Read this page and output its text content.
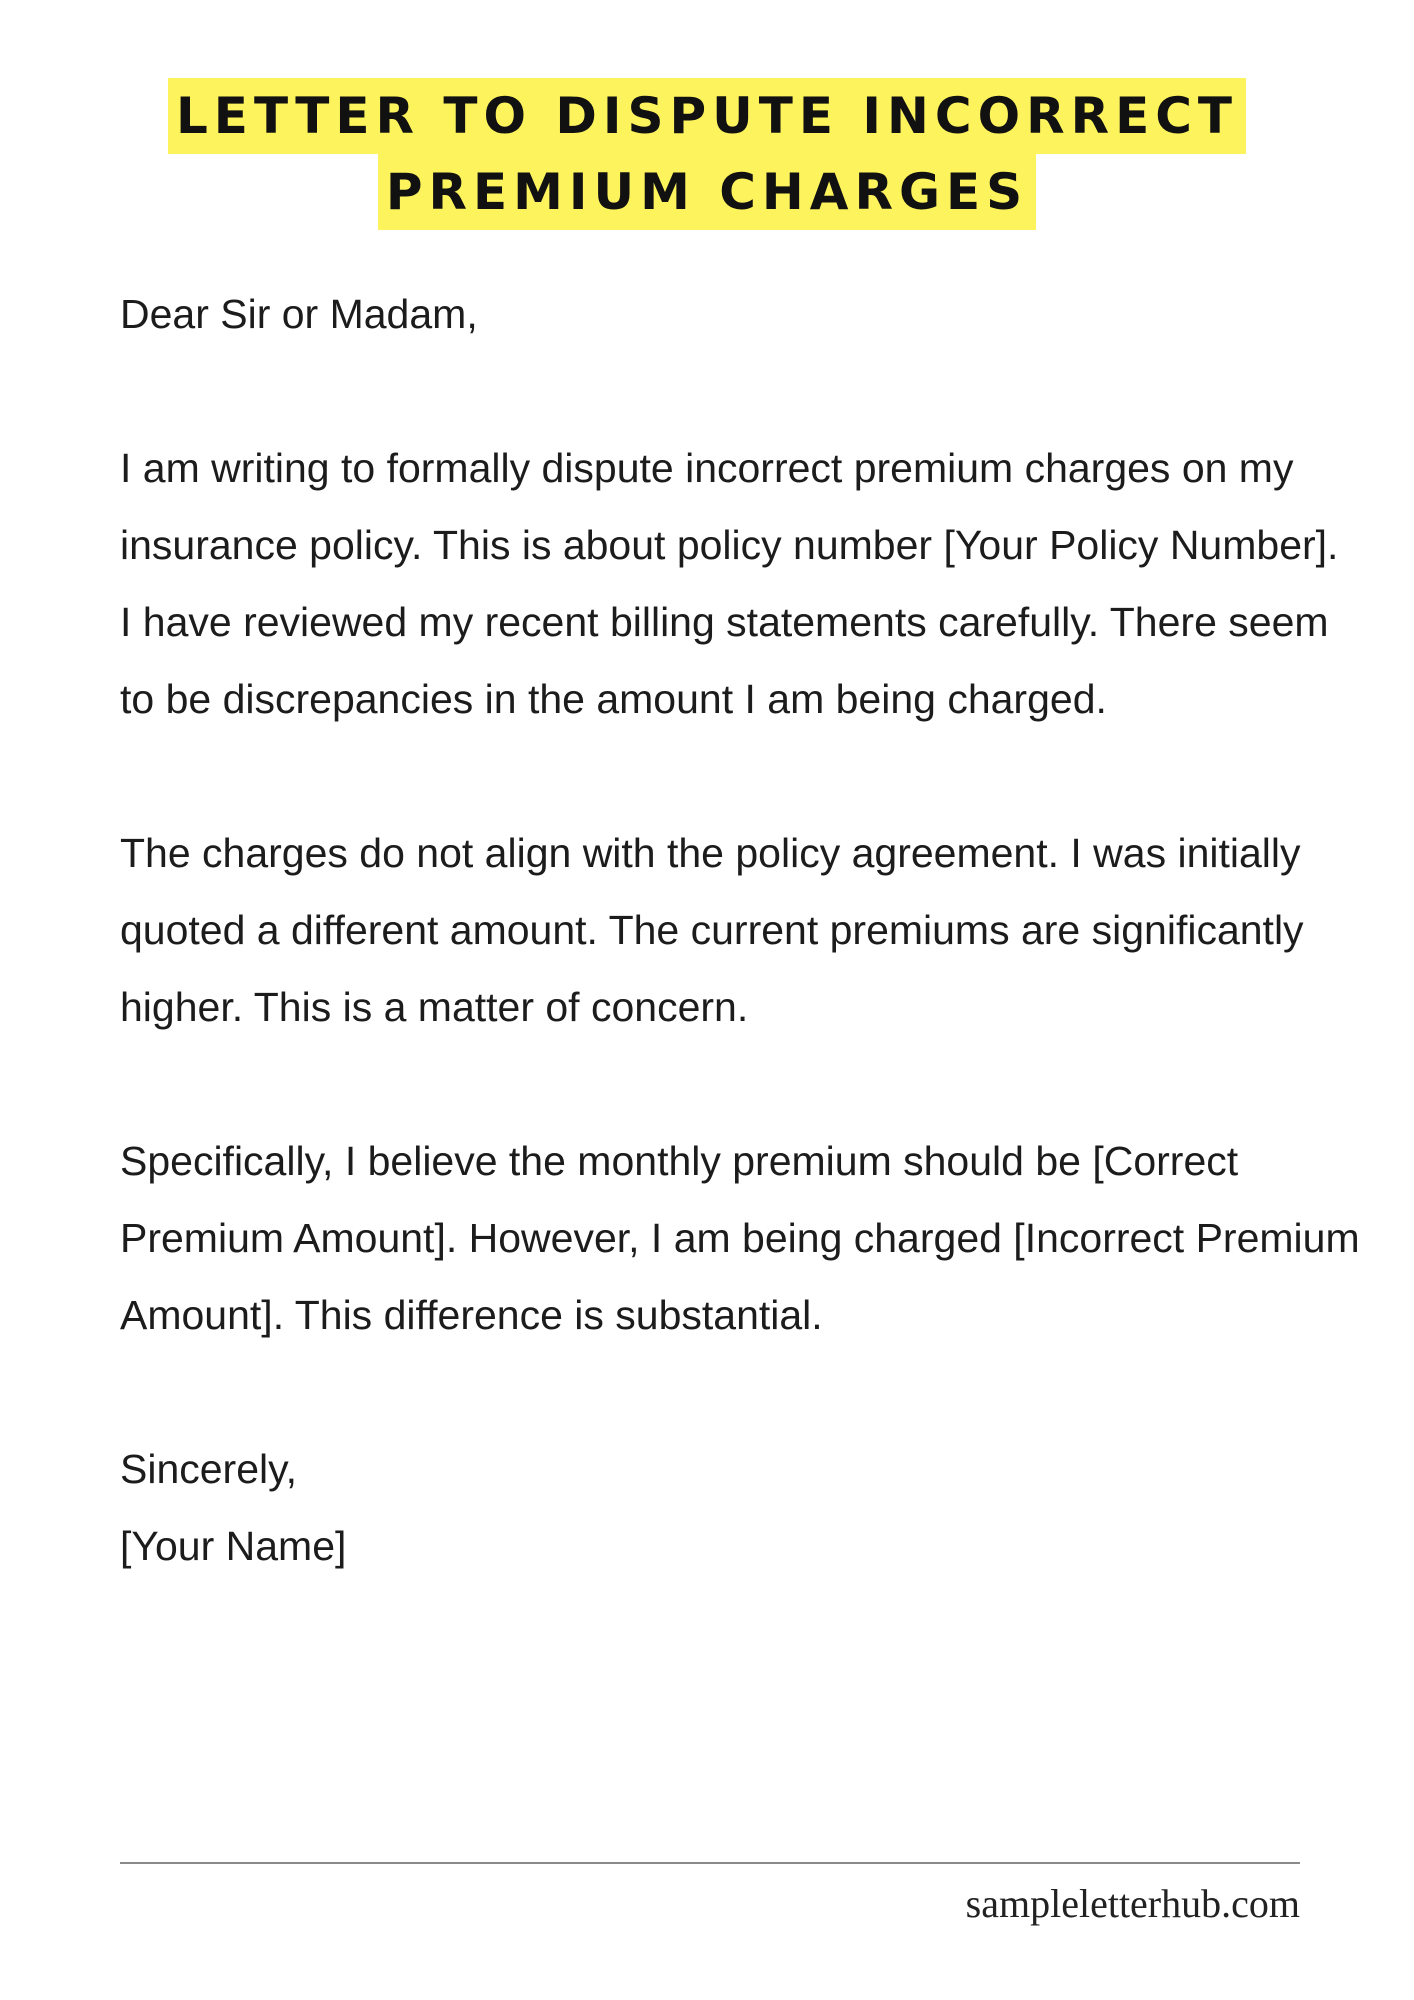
LETTER TO DISPUTE INCORRECT
PREMIUM CHARGES

Dear Sir or Madam,

I am writing to formally dispute incorrect premium charges on my insurance policy. This is about policy number [Your Policy Number]. I have reviewed my recent billing statements carefully. There seem to be discrepancies in the amount I am being charged.

The charges do not align with the policy agreement. I was initially quoted a different amount. The current premiums are significantly higher. This is a matter of concern.

Specifically, I believe the monthly premium should be [Correct Premium Amount]. However, I am being charged [Incorrect Premium Amount]. This difference is substantial.

Sincerely,
[Your Name]
sampleletterhub.com
